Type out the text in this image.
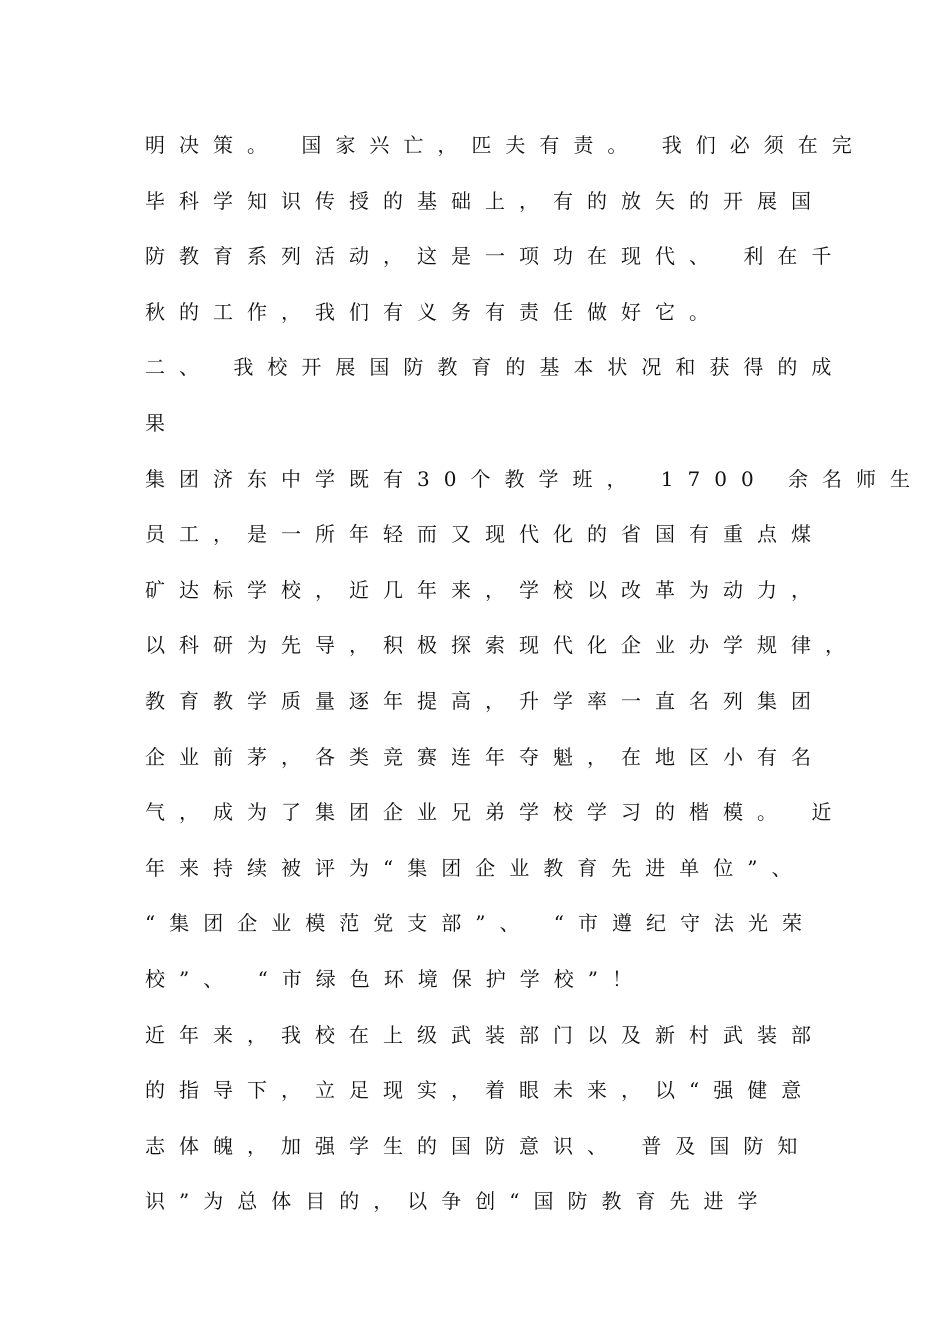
明决策。 国家兴亡，匹夫有责。 我们必须在完
毕科学知识传授的基础上，有的放矢的开展国
防教育系列活动，这是一项功在现代、 利在千
秋的工作，我们有义务有责任做好它。
二、 我校开展国防教育的基本状况和获得的成
果
集团济东中学既有30个教学班， 1700 余名师生
员工，是一所年轻而又现代化的省国有重点煤
矿达标学校，近几年来，学校以改革为动力，
以科研为先导，积极探索现代化企业办学规律，
教育教学质量逐年提高，升学率一直名列集团
企业前茅，各类竞赛连年夺魁，在地区小有名
气，成为了集团企业兄弟学校学习的楷模。 近
年来持续被评为“集团企业教育先进单位”、
“集团企业模范党支部”、 “市遵纪守法光荣
校”、 “市绿色环境保护学校”！
近年来，我校在上级武装部门以及新村武装部
的指导下，立足现实，着眼未来，以“强健意
志体魄，加强学生的国防意识、 普及国防知
识”为总体目的，以争创“国防教育先进学
